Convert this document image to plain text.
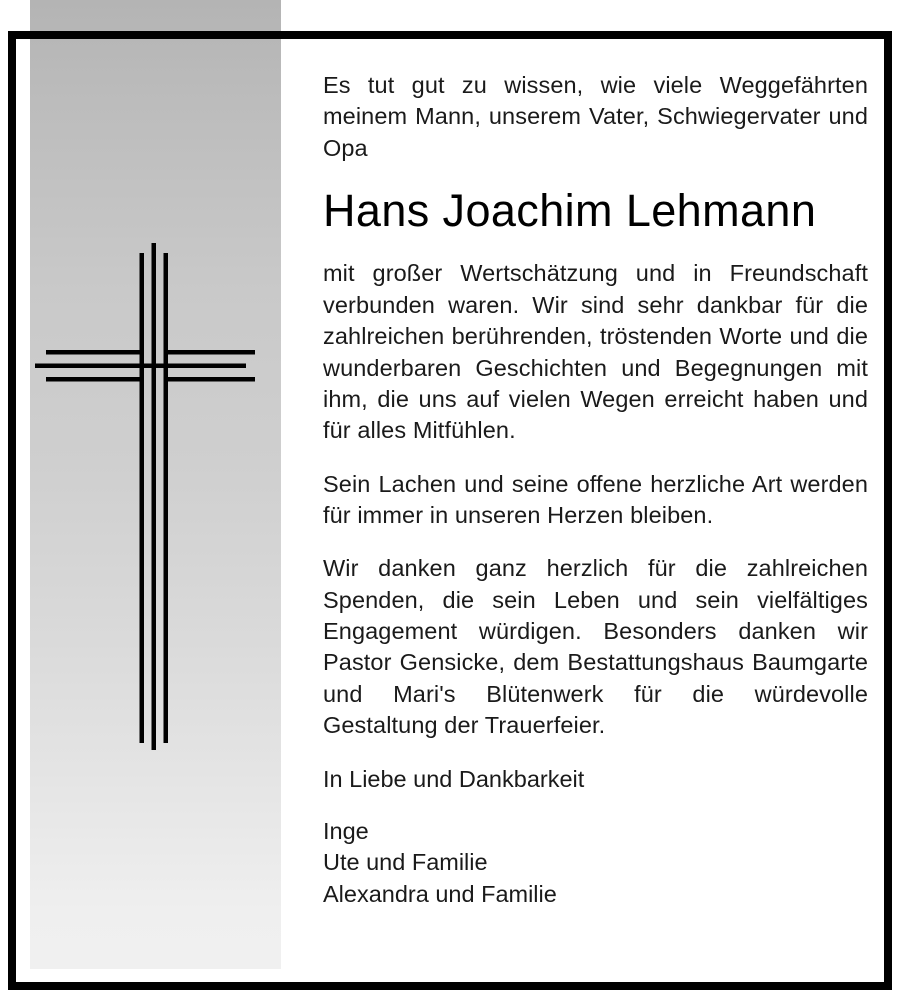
Es tut gut zu wissen, wie viele Weggefährten meinem Mann, unserem Vater, Schwiegervater und Opa

Hans Joachim Lehmann

mit großer Wertschätzung und in Freundschaft verbunden waren. Wir sind sehr dankbar für die zahlreichen berührenden, tröstenden Worte und die wunderbaren Geschichten und Begegnungen mit ihm, die uns auf vielen Wegen erreicht haben und für alles Mitfühlen.

Sein Lachen und seine offene herzliche Art werden für immer in unseren Herzen bleiben.

Wir danken ganz herzlich für die zahlreichen Spenden, die sein Leben und sein vielfältiges Engagement würdigen. Besonders danken wir Pastor Gensicke, dem Bestattungshaus Baumgarte und Mari's Blütenwerk für die würdevolle Gestaltung der Trauerfeier.

In Liebe und Dankbarkeit

Inge

Ute und Familie

Alexandra und Familie
